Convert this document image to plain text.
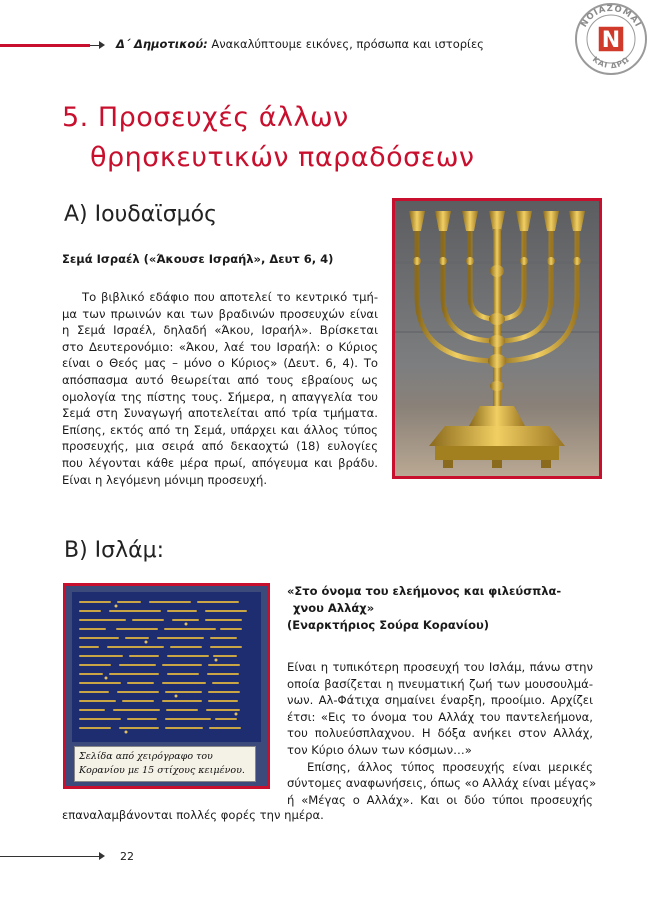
Δ΄ Δημοτικού: Ανακαλύπτουμε εικόνες, πρόσωπα και ιστορίες
ΝΟΙΑΖΟΜΑΙ
ΚΑΙ ΔΡΩ
N
5. Προσευχές άλλων
θρησκευτικών παραδόσεων
Α) Ιουδαϊσμός
Σεμά Ισραέλ («Άκουσε Ισραήλ», Δευτ 6, 4)
Το βιβλικό εδάφιο που αποτελεί το κεντρικό τμή-
μα των πρωινών και των βραδινών προσευχών είναι
η Σεμά Ισραέλ, δηλαδή «Άκου, Ισραήλ». Βρίσκεται
στο Δευτερονόμιο: «Άκου, λαέ του Ισραήλ: ο Κύριος
είναι ο Θεός μας – μόνο ο Κύριος» (Δευτ. 6, 4). Το
απόσπασμα αυτό θεωρείται από τους εβραίους ως
ομολογία της πίστης τους. Σήμερα, η απαγγελία του
Σεμά στη Συναγωγή αποτελείται από τρία τμήματα.
Επίσης, εκτός από τη Σεμά, υπάρχει και άλλος τύπος
προσευχής, μια σειρά από δεκαοχτώ (18) ευλογίες
που λέγονται κάθε μέρα πρωί, απόγευμα και βράδυ.
Είναι η λεγόμενη μόνιμη προσευχή.
Β) Ισλάμ:
Σελίδα από χειρόγραφο του
Κορανίου με 15 στίχους κειμένου.
«Στο όνομα του ελεήμονος και φιλεύσπλα-
χνου Αλλάχ»
(Εναρκτήριος Σούρα Κορανίου)
Είναι η τυπικότερη προσευχή του Ισλάμ, πάνω στην
οποία βασίζεται η πνευματική ζωή των μουσουλμά-
νων. Αλ-Φάτιχα σημαίνει έναρξη, προοίμιο. Αρχίζει
έτσι: «Εις το όνομα του Αλλάχ του παντελεήμονα,
του πολυεύσπλαχνου. Η δόξα ανήκει στον Αλλάχ,
τον Κύριο όλων των κόσμων…»
Επίσης, άλλος τύπος προσευχής είναι μερικές
σύντομες αναφωνήσεις, όπως «ο Αλλάχ είναι μέγας»
ή «Μέγας ο Αλλάχ». Και οι δύο τύποι προσευχής
επαναλαμβάνονται πολλές φορές την ημέρα.
22
